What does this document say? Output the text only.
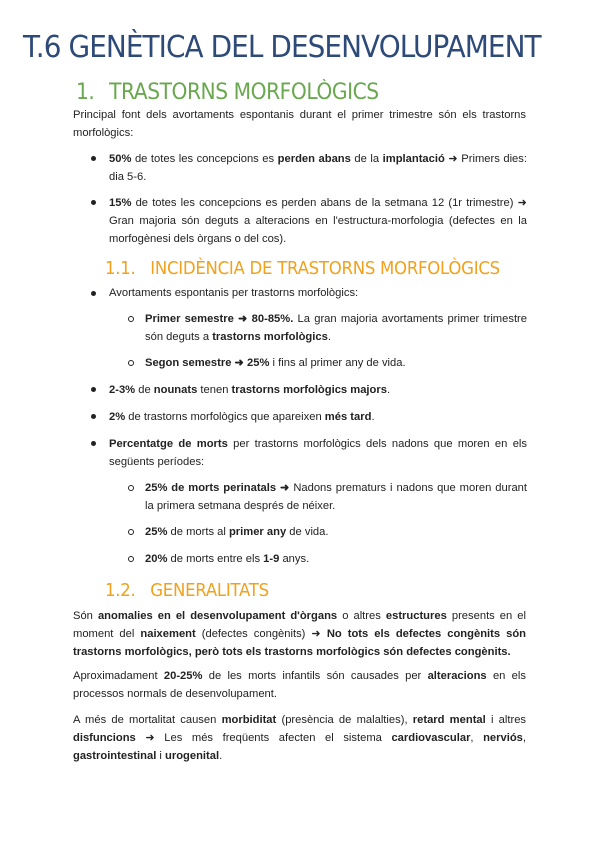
T.6 GENÈTICA DEL DESENVOLUPAMENT
1. TRASTORNS MORFOLÒGICS

Principal font dels avortaments espontanis durant el primer trimestre són els trastorns morfològics:

50% de totes les concepcions es perden abans de la implantació ➜ Primers dies: dia 5-6.

15% de totes les concepcions es perden abans de la setmana 12 (1r trimestre) ➜ Gran majoria són deguts a alteracions en l'estructura-morfologia (defectes en la morfogènesi dels òrgans o del cos).

1.1. INCIDÈNCIA DE TRASTORNS MORFOLÒGICS

Avortaments espontanis per trastorns morfològics:

Primer semestre ➜ 80-85%. La gran majoria avortaments primer trimestre són deguts a trastorns morfològics.

Segon semestre ➜ 25% i fins al primer any de vida.

2-3% de nounats tenen trastorns morfològics majors.

2% de trastorns morfològics que apareixen més tard.

Percentatge de morts per trastorns morfològics dels nadons que moren en els següents períodes:

25% de morts perinatals ➜ Nadons prematurs i nadons que moren durant la primera setmana després de néixer.

25% de morts al primer any de vida.

20% de morts entre els 1-9 anys.

1.2. GENERALITATS

Són anomalies en el desenvolupament d'òrgans o altres estructures presents en el moment del naixement (defectes congènits) ➜ No tots els defectes congènits són trastorns morfològics, però tots els trastorns morfològics són defectes congènits.

Aproximadament 20-25% de les morts infantils són causades per alteracions en els processos normals de desenvolupament.

A més de mortalitat causen morbiditat (presència de malalties), retard mental i altres disfuncions ➜ Les més freqüents afecten el sistema cardiovascular, nerviós, gastrointestinal i urogenital.
